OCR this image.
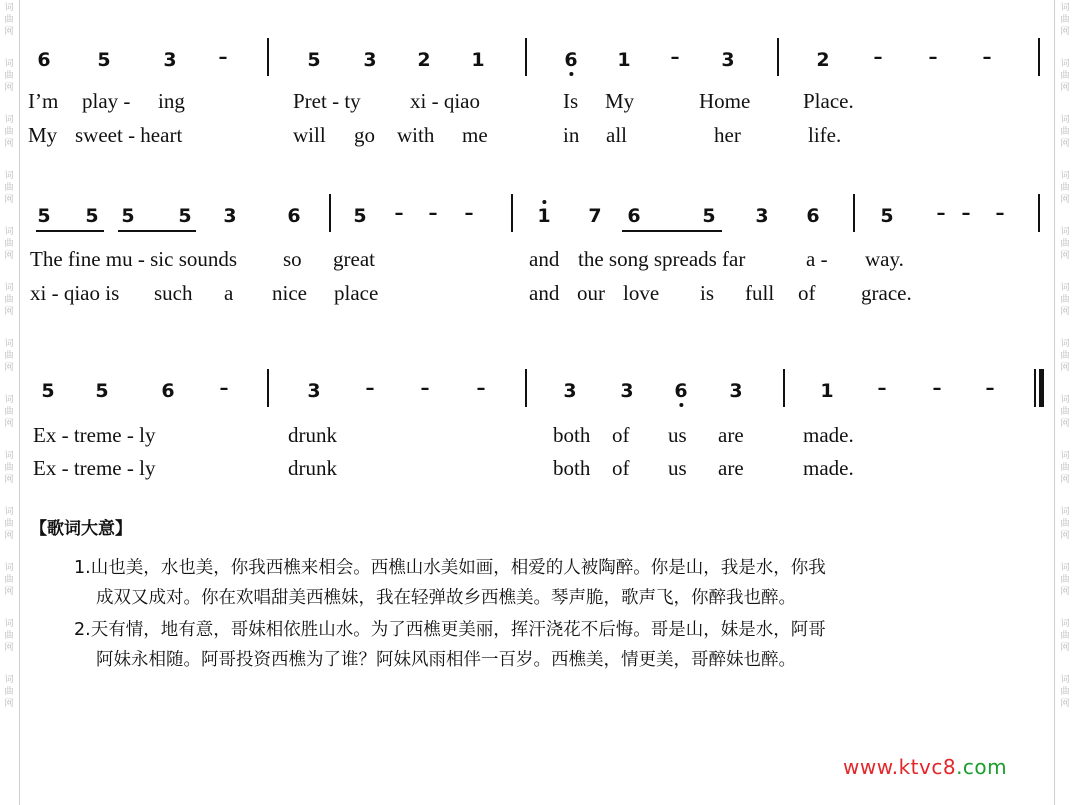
词
曲
网
词
曲
网
词
曲
网
词
曲
网
词
曲
网
词
曲
网
词
曲
网
词
曲
网
词
曲
网
词
曲
网
词
曲
网
词
曲
网
词
曲
网
词
曲
网
词
曲
网
词
曲
网
词
曲
网
词
曲
网
词
曲
网
词
曲
网
词
曲
网
词
曲
网
词
曲
网
词
曲
网
词
曲
网
词
曲
网
6 5	3	5 3 2 1	6 1	3	2
–	–	–	–	–
I’m play - ing	Pret - ty xi - qiao	Is My	Home	Place.
My sweet - heart	will go with me	in all	her	life.
5 5 5 5 3	6	5	1 7 6	5 3 6	5
– – –	– – –
The fine mu - sic sounds so great	and the song spreads far	a - way.
xi - qiao is such a nice place	and our love is full of grace.
5 5	6	3	3 3 6 3	1
–	–	–	–	–	– –
Ex - treme - ly	drunk	both of us are	made.
Ex - treme - ly	drunk	both of us are	made.
【歌词大意】
1.山也美，水也美，你我西樵来相会。西樵山水美如画，相爱的人被陶醉。你是山，我是水，你我
成双又成对。你在欢唱甜美西樵妹，我在轻弹故乡西樵美。琴声脆，歌声飞，你醉我也醉。
2.天有情，地有意，哥妹相依胜山水。为了西樵更美丽，挥汗浇花不后悔。哥是山，妹是水，阿哥
阿妹永相随。阿哥投资西樵为了谁？阿妹风雨相伴一百岁。西樵美，情更美，哥醉妹也醉。
www.ktvc8.com
